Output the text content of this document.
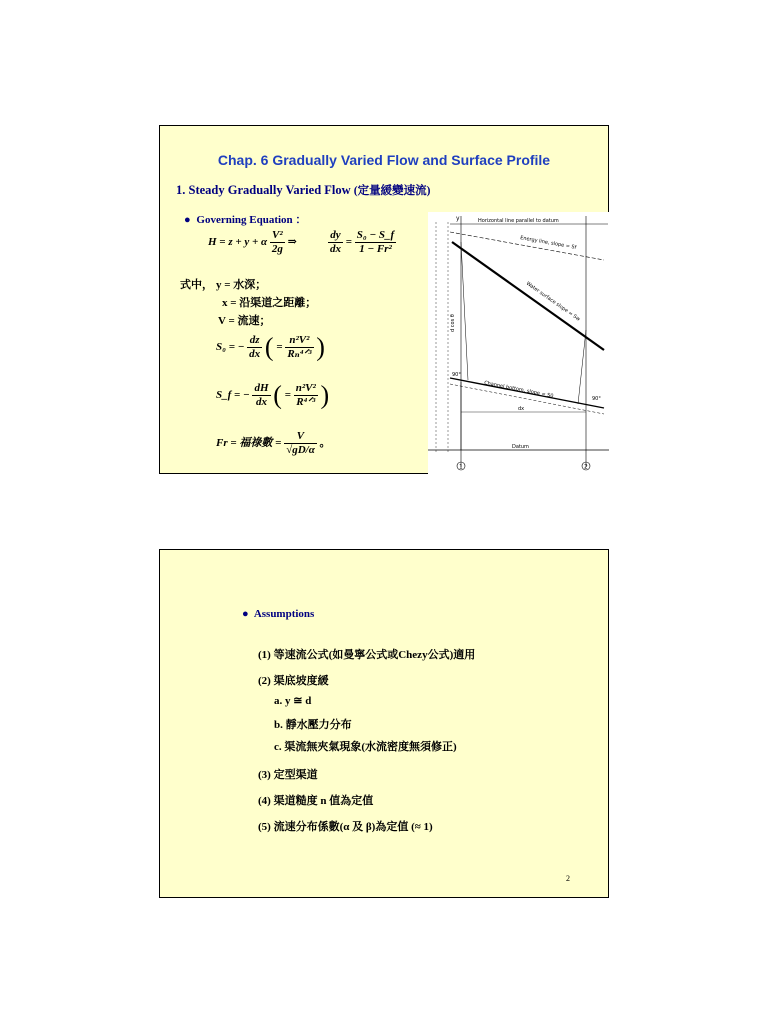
Chap. 6 Gradually Varied Flow and Surface Profile
1. Steady Gradually Varied Flow (定量緩變速流)
● Governing Equation ：
H = z + y + α $\frac{\text{V²}}{2g}$ ⇒	$\frac{dy}{dx} = \frac{\text{S₀ − S\_f}}{\text{1 − Fr²}}$
式中， y = 水深；
x = 沿渠道之距離；
V = 流速；
S₀ = − $\frac{dz}{dx}$ ( = $\frac{\text{n²V²}}{\text{Rₙ⁴ᐟ³}}$ )
S_f = − $\frac{dH}{dx}$ ( = $\frac{\text{n²V²}}{\text{R⁴ᐟ³}}$ )
Fr = 福祿數 = $\frac{V}{√gD/\alpha}$ 。
1	2
Horizontal line parallel to datum
Energy line, slope = Sf
Water surface slope = Sw
Channel bottom, slope = S0
Datum
dx
90°
90°
y
d cos θ
● Assumptions
(1) 等速流公式(如曼寧公式或Chezy公式)適用
(2) 渠底坡度緩
a. y ≅ d
b. 靜水壓力分布
c. 渠流無夾氣現象(水流密度無須修正)
(3) 定型渠道
(4) 渠道糙度 n 值為定值
(5) 流速分布係數(α 及 β)為定值 (≈ 1)
2
